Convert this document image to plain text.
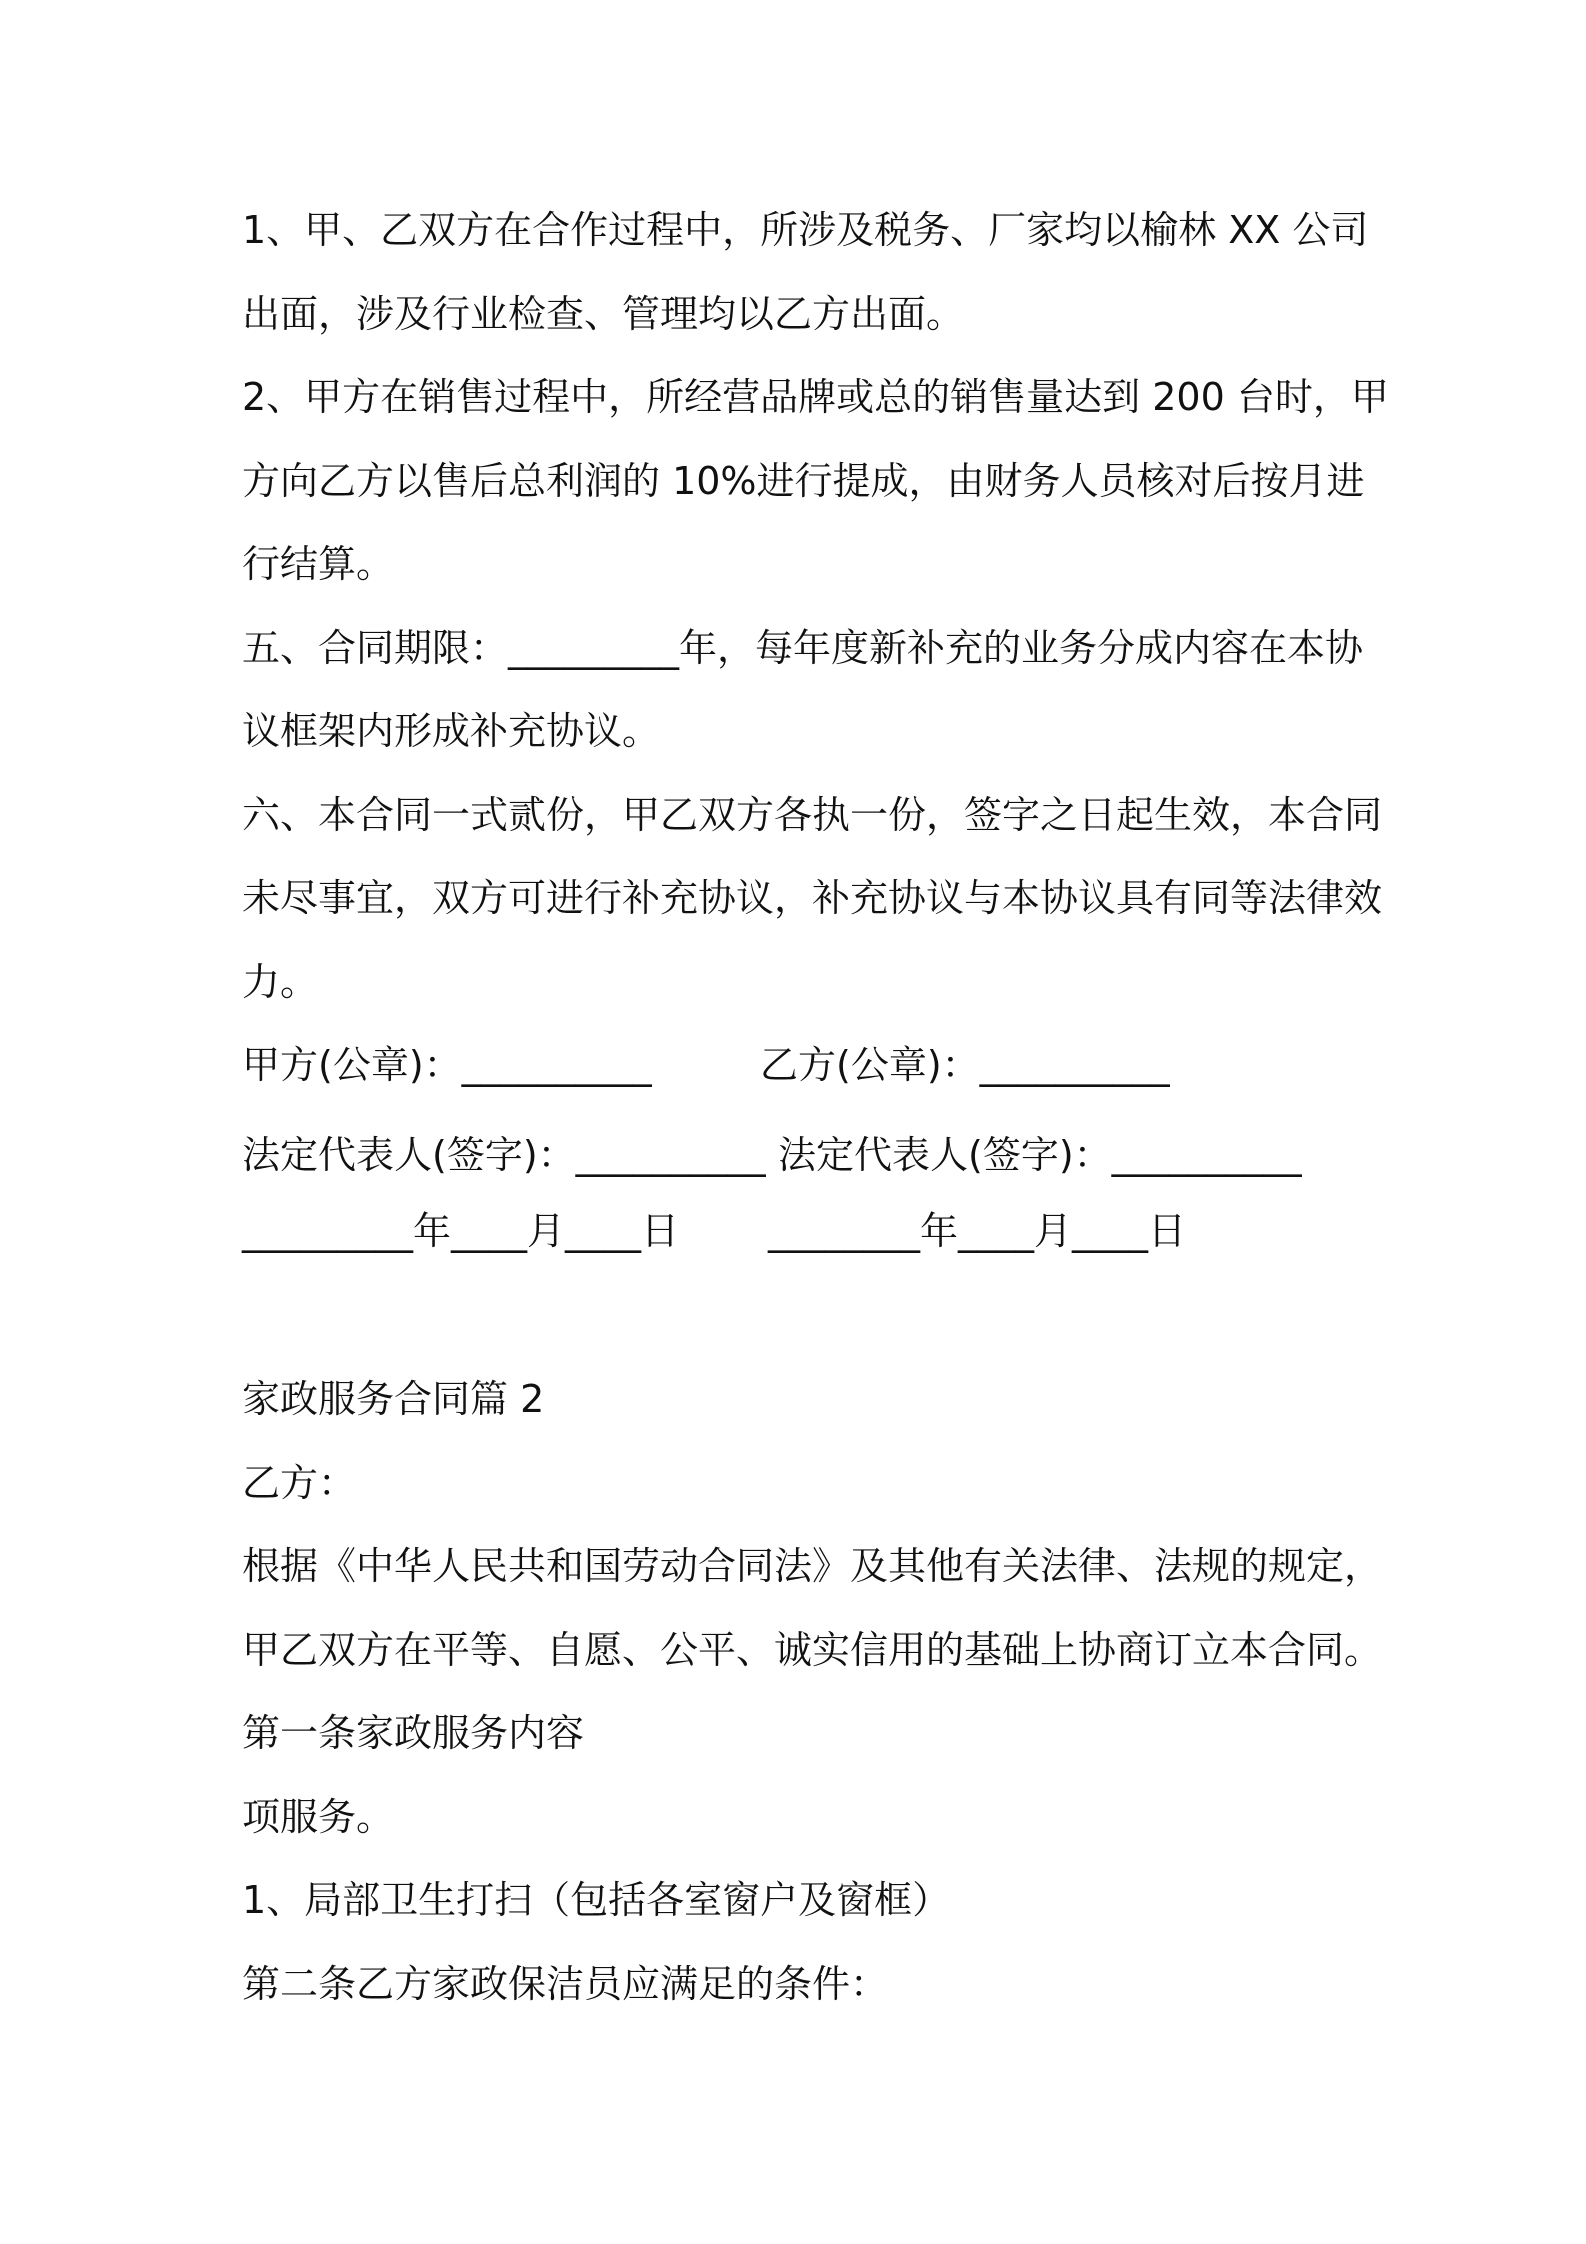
1、甲、乙双方在合作过程中，所涉及税务、厂家均以榆林 XX 公司
出面，涉及行业检查、管理均以乙方出面。
2、甲方在销售过程中，所经营品牌或总的销售量达到 200 台时，甲
方向乙方以售后总利润的 10%进行提成，由财务人员核对后按月进
行结算。
五、合同期限：_________年，每年度新补充的业务分成内容在本协
议框架内形成补充协议。
六、本合同一式贰份，甲乙双方各执一份，签字之日起生效，本合同
未尽事宜，双方可进行补充协议，补充协议与本协议具有同等法律效
力。
甲方(公章)：__________	乙方(公章)：__________
法定代表人(签字)：__________ 法定代表人(签字)：__________
_________年____月____日 ________年____月____日
家政服务合同篇 2
乙方：
根据《中华人民共和国劳动合同法》及其他有关法律、法规的规定，
甲乙双方在平等、自愿、公平、诚实信用的基础上协商订立本合同。
第一条家政服务内容
项服务。
1、局部卫生打扫（包括各室窗户及窗框）
第二条乙方家政保洁员应满足的条件：
